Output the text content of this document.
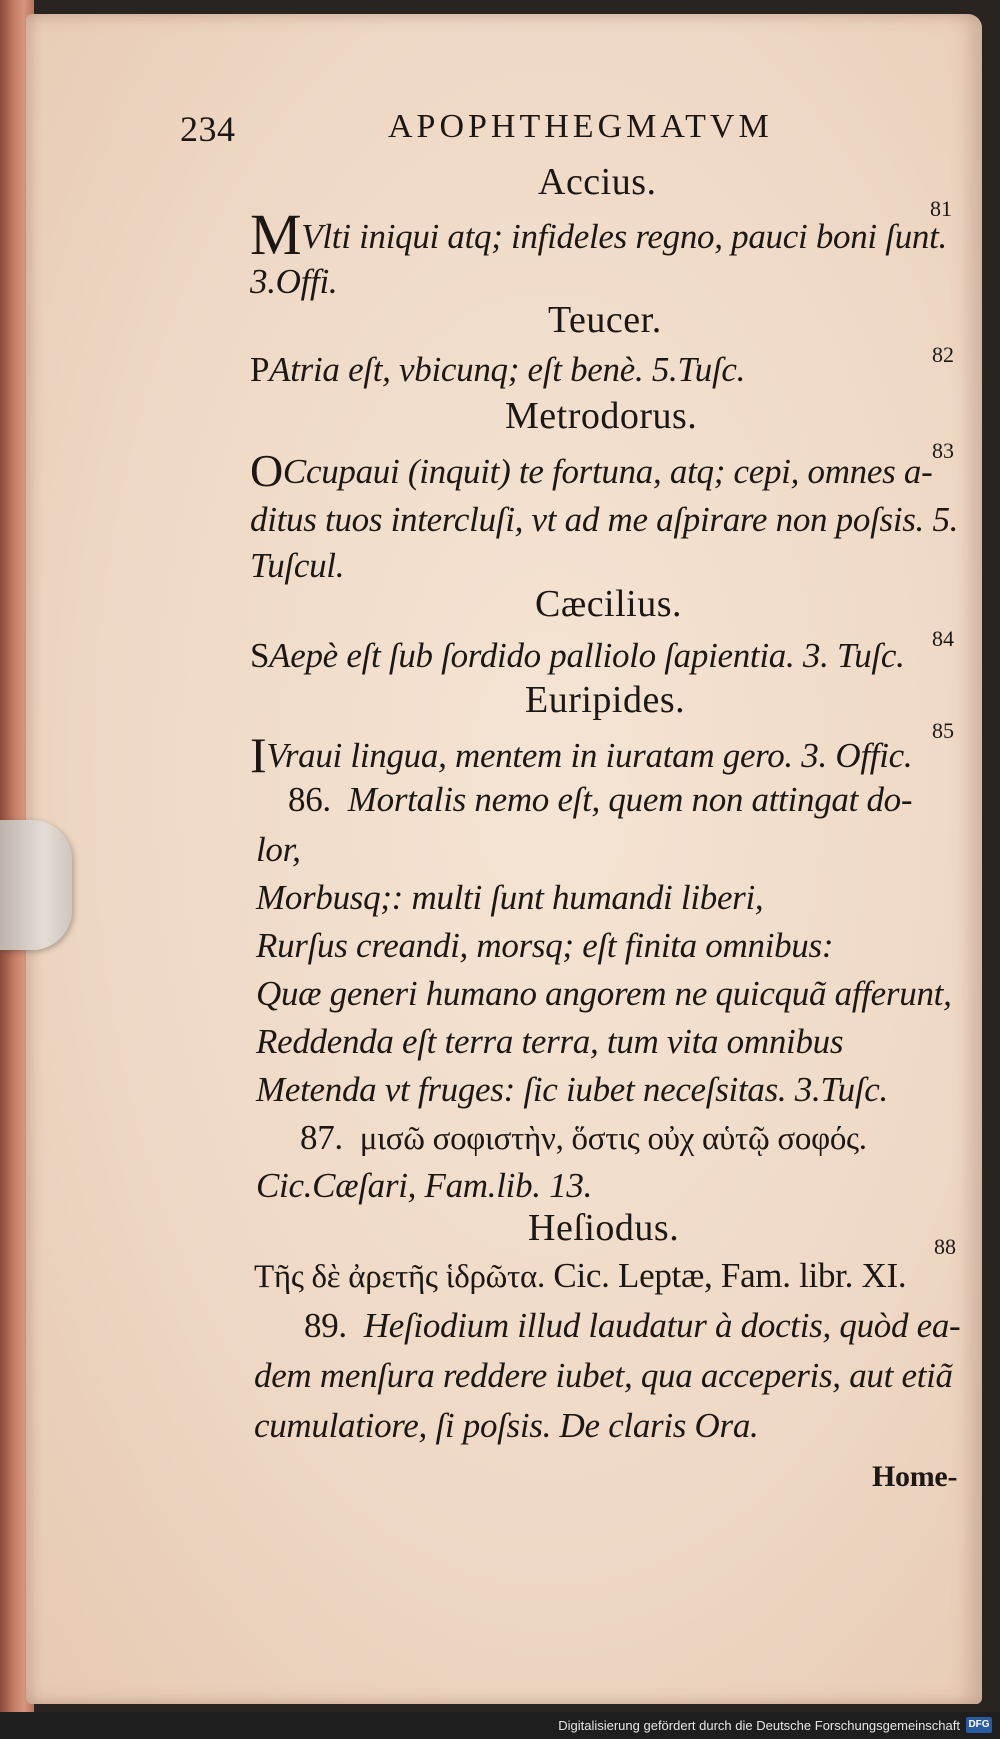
234	APOPHTHEGMATVM
Accius.
81
MVlti iniqui atq; infideles regno, pauci boni ſunt.
3.Offi.
Teucer.
82
PAtria eſt, vbicunq; eſt benè. 5.Tuſc.
Metrodorus.
83
OCcupaui (inquit) te fortuna, atq; cepi, omnes a-
ditus tuos intercluſi, vt ad me aſpirare non poſsis. 5.
Tuſcul.
Cæcilius.
84
SAepè eſt ſub ſordido palliolo ſapientia. 3. Tuſc.
Euripides.
85
IVraui lingua, mentem in iuratam gero. 3. Offic.
86. Mortalis nemo eſt, quem non attingat do-
lor,
Morbusq;: multi ſunt humandi liberi,
Rurſus creandi, morsq; eſt finita omnibus:
Quæ generi humano angorem ne quicquã afferunt,
Reddenda eſt terra terra, tum vita omnibus
Metenda vt fruges: ſic iubet neceſsitas. 3.Tuſc.
87. μισῶ σοφιστὴν, ὅστις οὐχ αὑτῷ σοφός.
Cic.Cæſari, Fam.lib. 13.
Heſiodus.	88
Τῆς δὲ ἀρετῆς ἱδρῶτα. Cic. Leptæ, Fam. libr. XI.
89. Heſiodium illud laudatur à doctis, quòd ea-
dem menſura reddere iubet, qua acceperis, aut etiã
cumulatiore, ſi poſsis. De claris Ora.
Home-
Digitalisierung gefördert durch die Deutsche Forschungsgemeinschaft DFG
